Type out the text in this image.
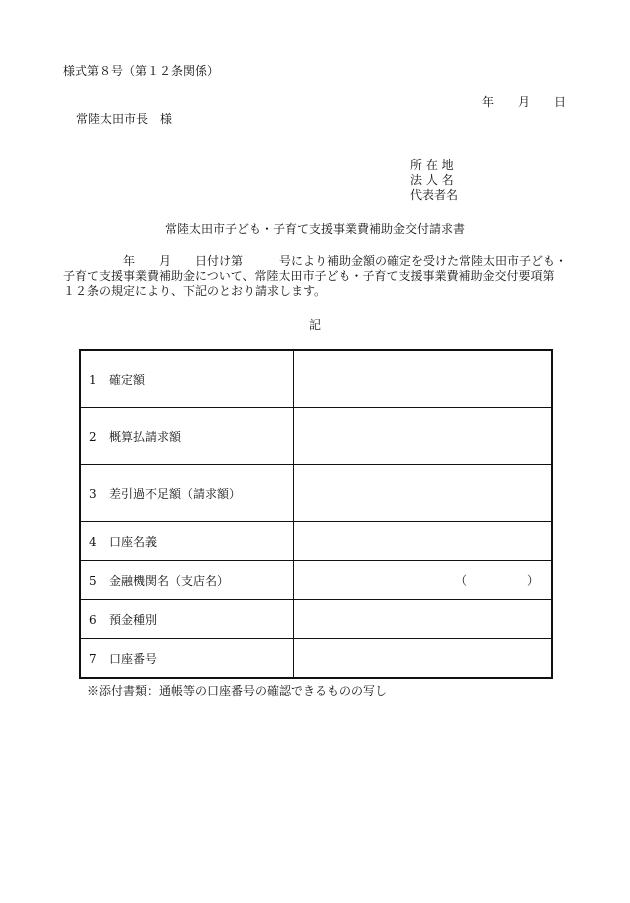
様式第８号（第１２条関係）
年　　月　　日
常陸太田市長　様
所 在 地
法 人 名
代表者名
常陸太田市子ども・子育て支援事業費補助金交付請求書
　　　　　年　　月　　日付け第　　　号により補助金額の確定を受けた常陸太田市子ども・
子育て支援事業費補助金について、常陸太田市子ども・子育て支援事業費補助金交付要項第
１２条の規定により、下記のとおり請求します。
記
1 確定額	
2 概算払請求額	
3 差引過不足額（請求額）	
4 口座名義	
5 金融機関名（支店名）	（　　　　　）

6 預金種別	
7 口座番号	
※添付書類：通帳等の口座番号の確認できるものの写し
